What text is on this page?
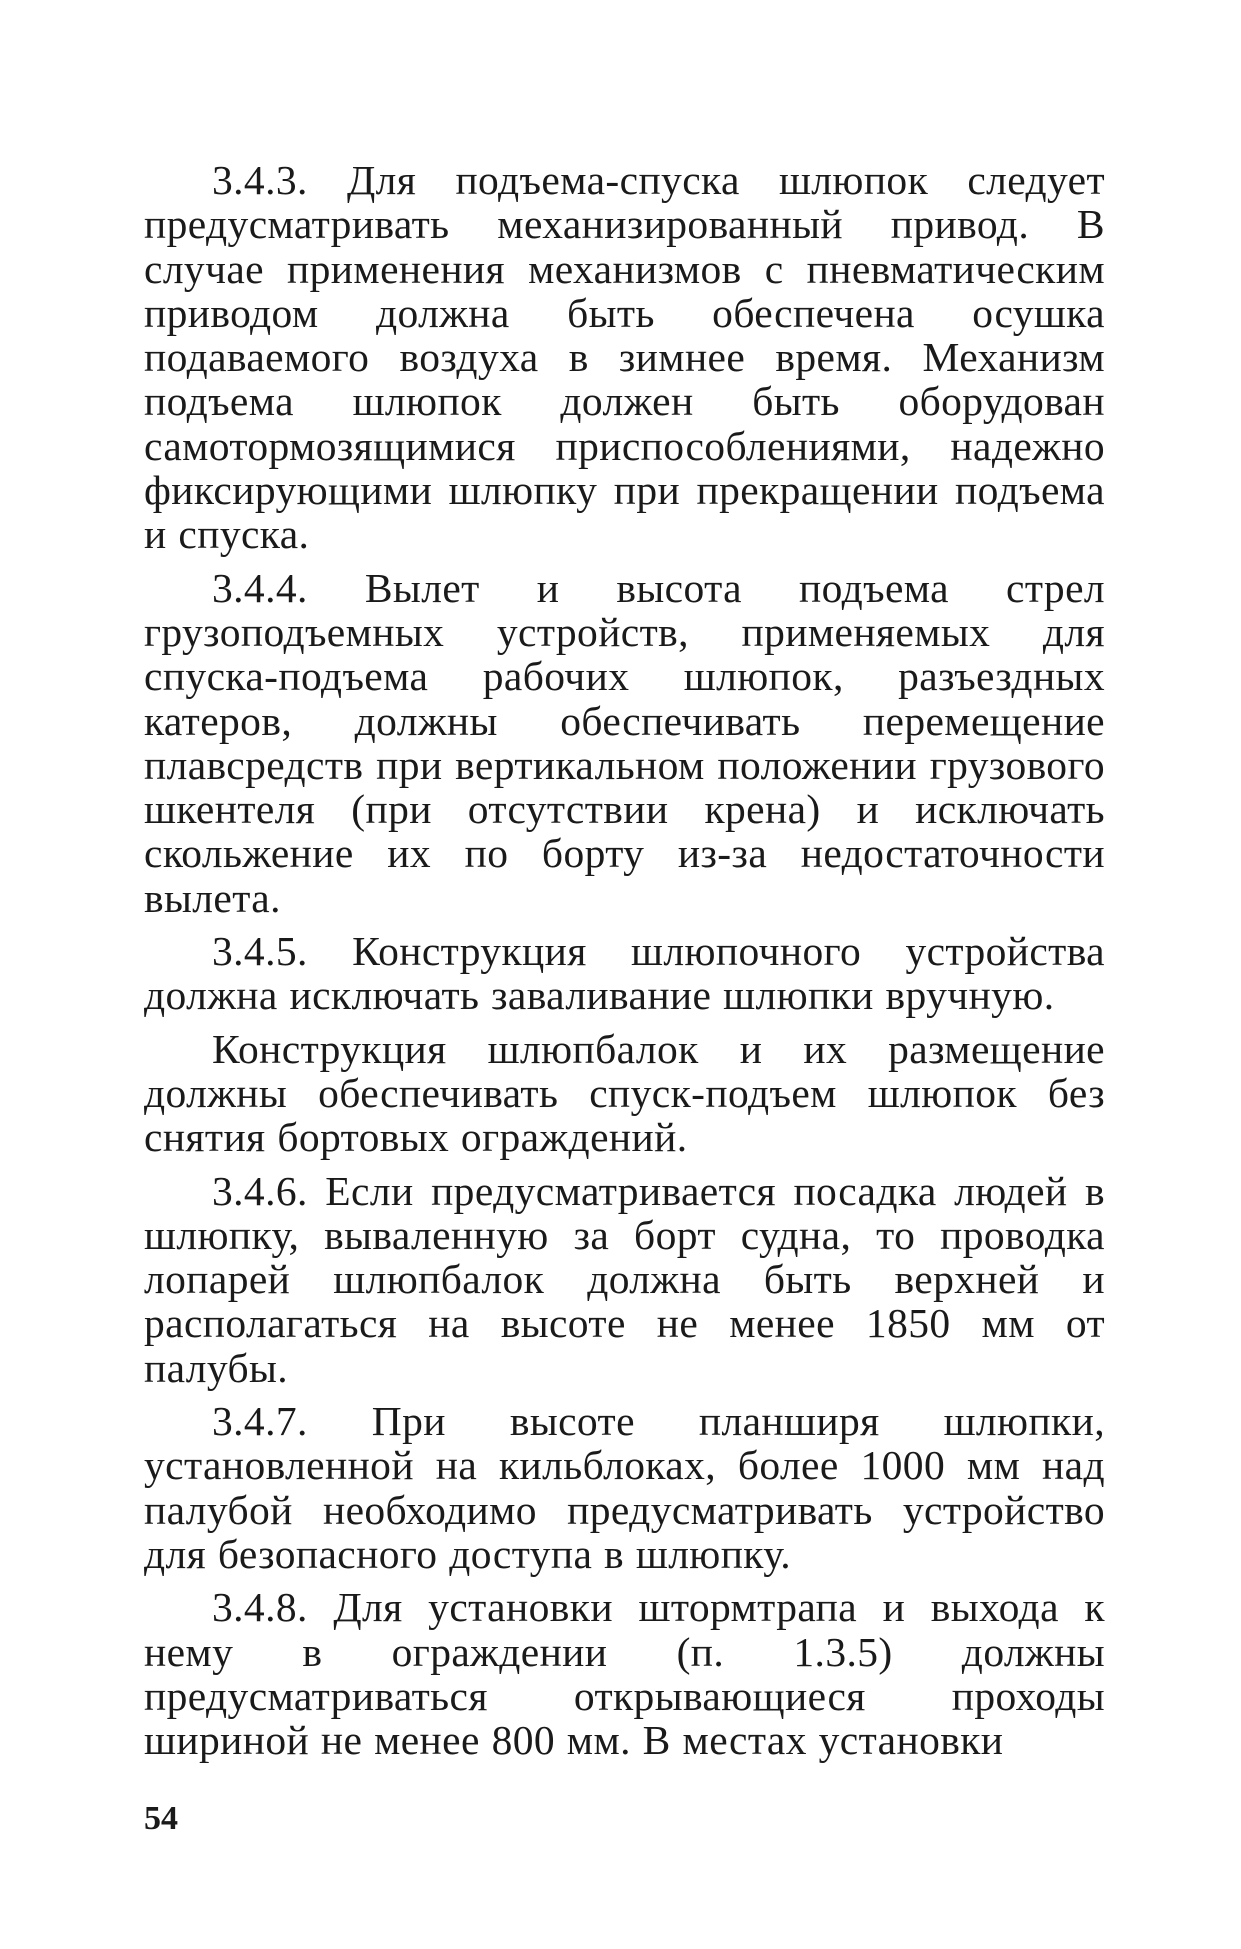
3.4.3. Для подъема-спуска шлюпок следует предусматривать механизированный привод. В случае применения механизмов с пневматическим приводом должна быть обеспечена осушка подаваемого воздуха в зимнее время. Механизм подъема шлюпок должен быть оборудован самотормозящимися приспособлениями, надежно фиксирующими шлюпку при прекращении подъема и спуска.

3.4.4. Вылет и высота подъема стрел грузоподъемных устройств, применяемых для спуска-подъема рабочих шлюпок, разъездных катеров, должны обеспечивать перемещение плавсредств при вертикальном положении грузового шкентеля (при отсутствии крена) и исключать скольжение их по борту из-за недостаточности вылета.

3.4.5. Конструкция шлюпочного устройства должна исключать заваливание шлюпки вручную.

Конструкция шлюпбалок и их размещение должны обеспечивать спуск-подъем шлюпок без снятия бортовых ограждений.

3.4.6. Если предусматривается посадка людей в шлюпку, вываленную за борт судна, то проводка лопарей шлюпбалок должна быть верхней и располагаться на высоте не менее 1850 мм от палубы.

3.4.7. При высоте планширя шлюпки, установленной на кильблоках, более 1000 мм над палубой необходимо предусматривать устройство для безопасного доступа в шлюпку.

3.4.8. Для установки штормтрапа и выхода к нему в ограждении (п. 1.3.5) должны предусматриваться открывающиеся проходы шириной не менее 800 мм. В местах установки

54
